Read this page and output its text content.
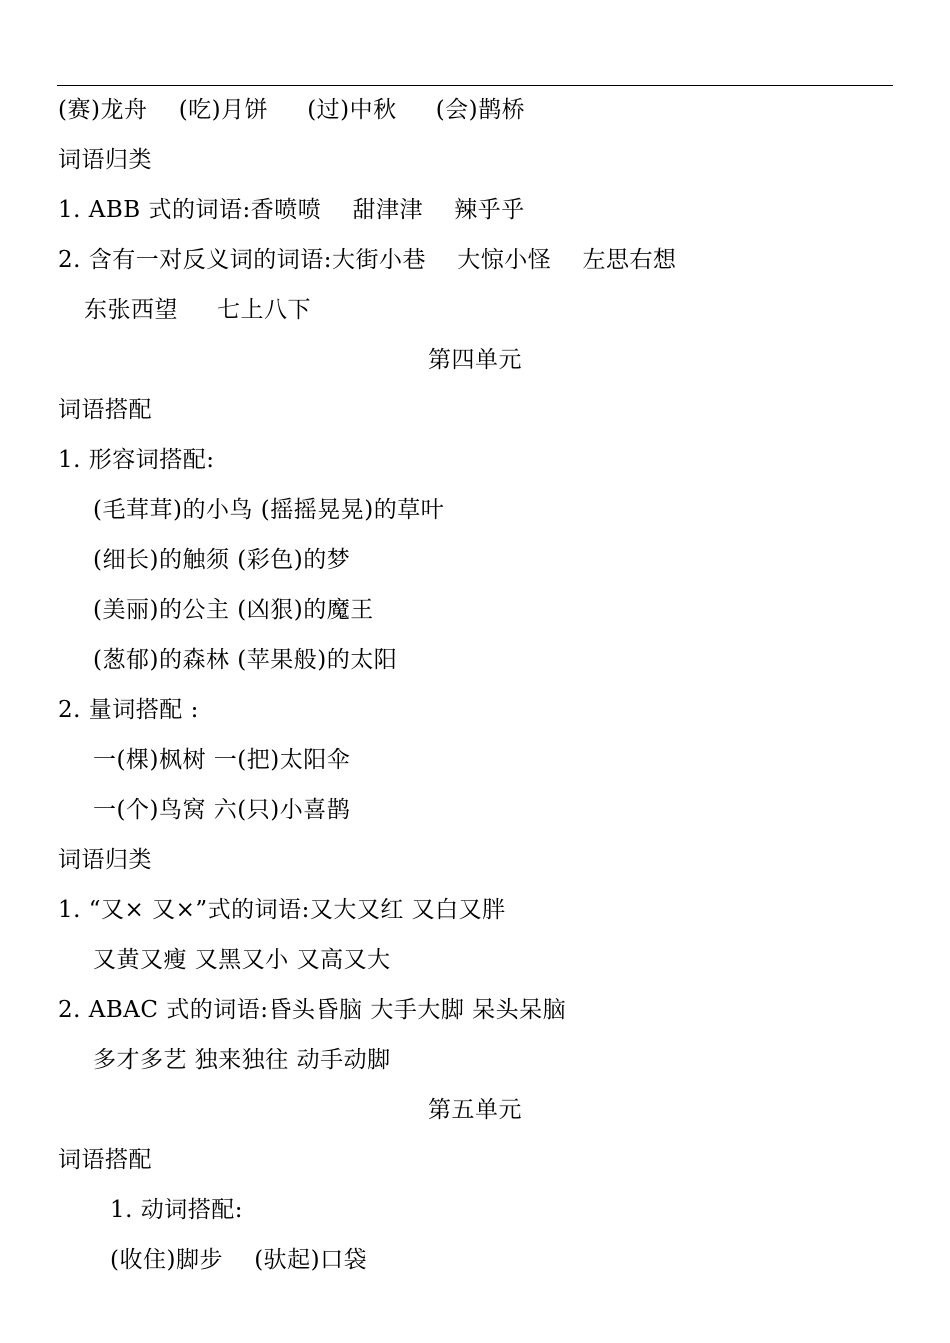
(赛)龙舟    (吃)月饼     (过)中秋     (会)鹊桥
词语归类
1. ABB 式的词语:香喷喷    甜津津    辣乎乎
2. 含有一对反义词的词语:大街小巷    大惊小怪    左思右想
东张西望     七上八下
第四单元
词语搭配
1. 形容词搭配:
(毛茸茸)的小鸟 (摇摇晃晃)的草叶
(细长)的触须 (彩色)的梦
(美丽)的公主 (凶狠)的魔王
(葱郁)的森林 (苹果般)的太阳
2. 量词搭配 :
一(棵)枫树 一(把)太阳伞
一(个)鸟窝 六(只)小喜鹊
词语归类
1. “又× 又×”式的词语:又大又红 又白又胖
又黄又瘦 又黑又小 又高又大
2. ABAC 式的词语:昏头昏脑 大手大脚 呆头呆脑
多才多艺 独来独往 动手动脚
第五单元
词语搭配
1. 动词搭配:
(收住)脚步    (驮起)口袋
